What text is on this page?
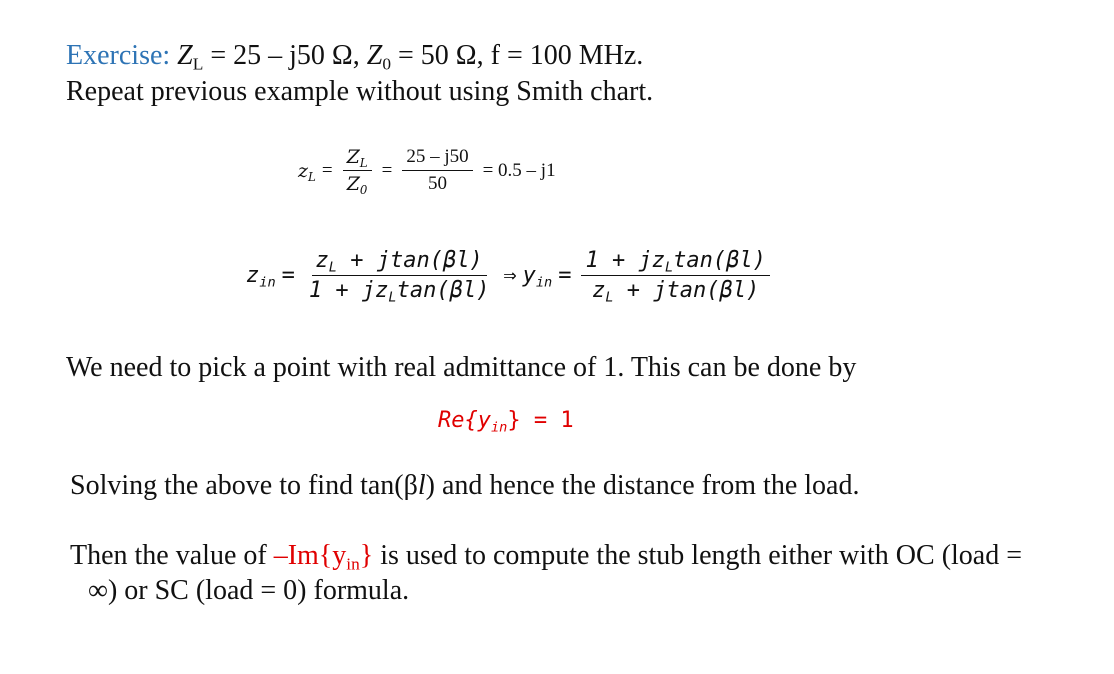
Exercise: $Z_L = 25 - j50$ Ω, $Z_0 = 50$ Ω, f = 100 MHz.
Repeat previous example without using Smith chart.
$z_L = \frac{Z_L}{Z_0} = \frac{25 - j50}{50} = 0.5 - j1$
$z_{in} = \frac{z_L + jtan(\beta l)}{1 + jz_L\tan(\beta l)}$ ⇒ $y_{in} = \frac{1 + jz_L\tan(\beta l)}{z_L + jtan(\beta l)}$
We need to pick a point with real admittance of 1. This can be done by
$Re\{y_{in}\} = 1$
Solving the above to find tan(βl) and hence the distance from the load.
Then the value of $-Im\{y_{in}\}$ is used to compute the stub length either with OC (load =
∞) or SC (load = 0) formula.
